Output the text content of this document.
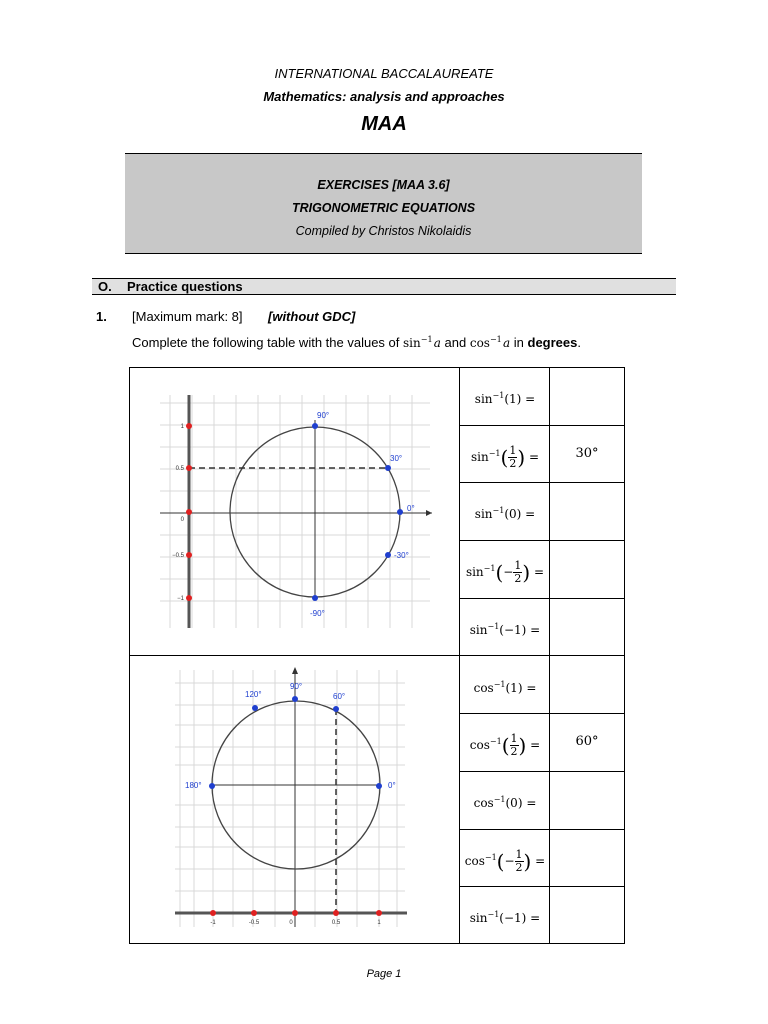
INTERNATIONAL BACCALAUREATE
Mathematics: analysis and approaches
MAA
EXERCISES [MAA 3.6]
TRIGONOMETRIC EQUATIONS
Compiled by Christos Nikolaidis
O. Practice questions
1. [Maximum mark: 8] [without GDC]
Complete the following table with the values of $\sin^{-1}$ a and $\cos^{-1}$ a in degrees.
90°
30°
0°
-30°
-90°
1
0.5
0
−0.5
−1
120°
90°
60°
180°	0°
-1	-0.5	0	0.5	1
$\sin^{-1}(1)$ =
$\sin^{-1}( \frac{1}{2}$ ) =	30°
$\sin^{-1}(0)$ =
$\sin^{-1}(- \frac{1}{2}$ ) =
$\sin^{-1}(-1)$ =
$\cos^{-1}(1)$ =
$\cos^{-1}( \frac{1}{2}$ ) =	60°
$\cos^{-1}(0)$ =
$\cos^{-1}(- \frac{1}{2}$ ) =
$\sin^{-1}(-1)$ =
Page 1
